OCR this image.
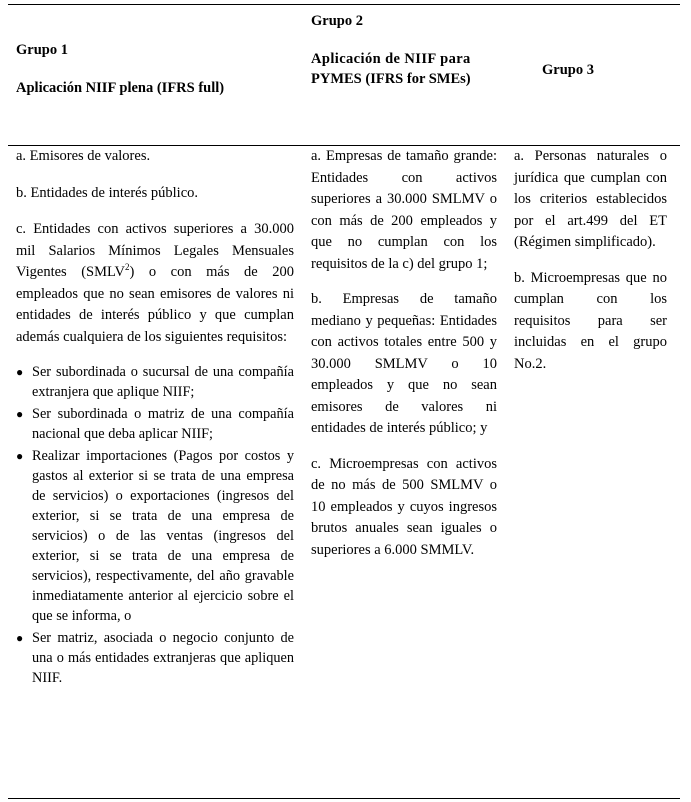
Grupo 1
Aplicación NIIF plena (IFRS full)
Grupo 2
Aplicación de NIIF para
PYMES (IFRS for SMEs)
Grupo 3

a. Emisores de valores.

b. Entidades de interés público.

c. Entidades con activos superiores a 30.000 mil Salarios Mínimos Legales Mensuales Vigentes (SMLV$^2$) o con más de 200 empleados que no sean emisores de valores ni entidades de interés público y que cumplan además cualquiera de los siguientes requisitos:

● Ser subordinada o sucursal de una compañía extranjera que aplique NIIF;
● Ser subordinada o matriz de una compañía nacional que deba aplicar NIIF;
● Realizar importaciones (Pagos por costos y gastos al exterior si se trata de una empresa de servicios) o exportaciones (ingresos del exterior, si se trata de una empresa de servicios) o de las ventas (ingresos del exterior, si se trata de una empresa de servicios), respectivamente, del año gravable inmediatamente anterior al ejercicio sobre el que se informa, o
● Ser matriz, asociada o negocio conjunto de una o más entidades extranjeras que apliquen NIIF.

a. Empresas de tamaño grande: Entidades con activos superiores a 30.000 SMLMV o con más de 200 empleados y que no cumplan con los requisitos de la c) del grupo 1;

b. Empresas de tamaño mediano y pequeñas: Entidades con activos totales entre 500 y 30.000 SMLMV o 10 empleados y que no sean emisores de valores ni entidades de interés público; y

c. Microempresas con activos de no más de 500 SMLMV o 10 empleados y cuyos ingresos brutos anuales sean iguales o superiores a 6.000 SMMLV.

a. Personas naturales o jurídica que cumplan con los criterios establecidos por el art.499 del ET (Régimen simplificado).

b. Microempresas que no cumplan con los requisitos para ser incluidas en el grupo No.2.
